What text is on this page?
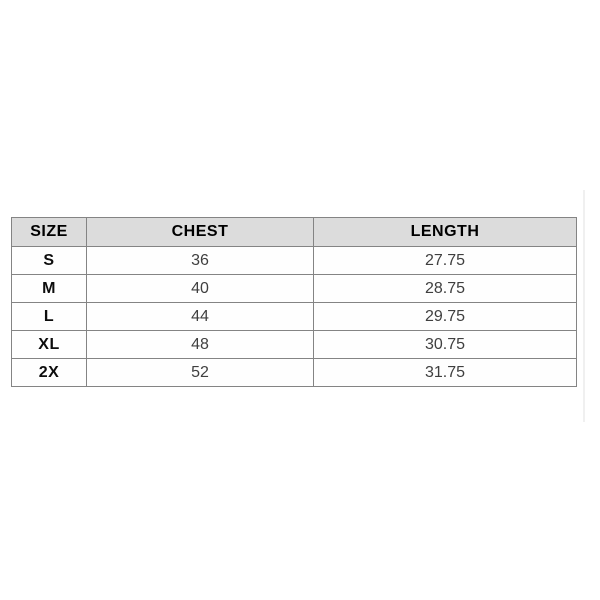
SIZE	CHEST	LENGTH
S	36	27.75
M	40	28.75
L	44	29.75
XL	48	30.75
2X	52	31.75
